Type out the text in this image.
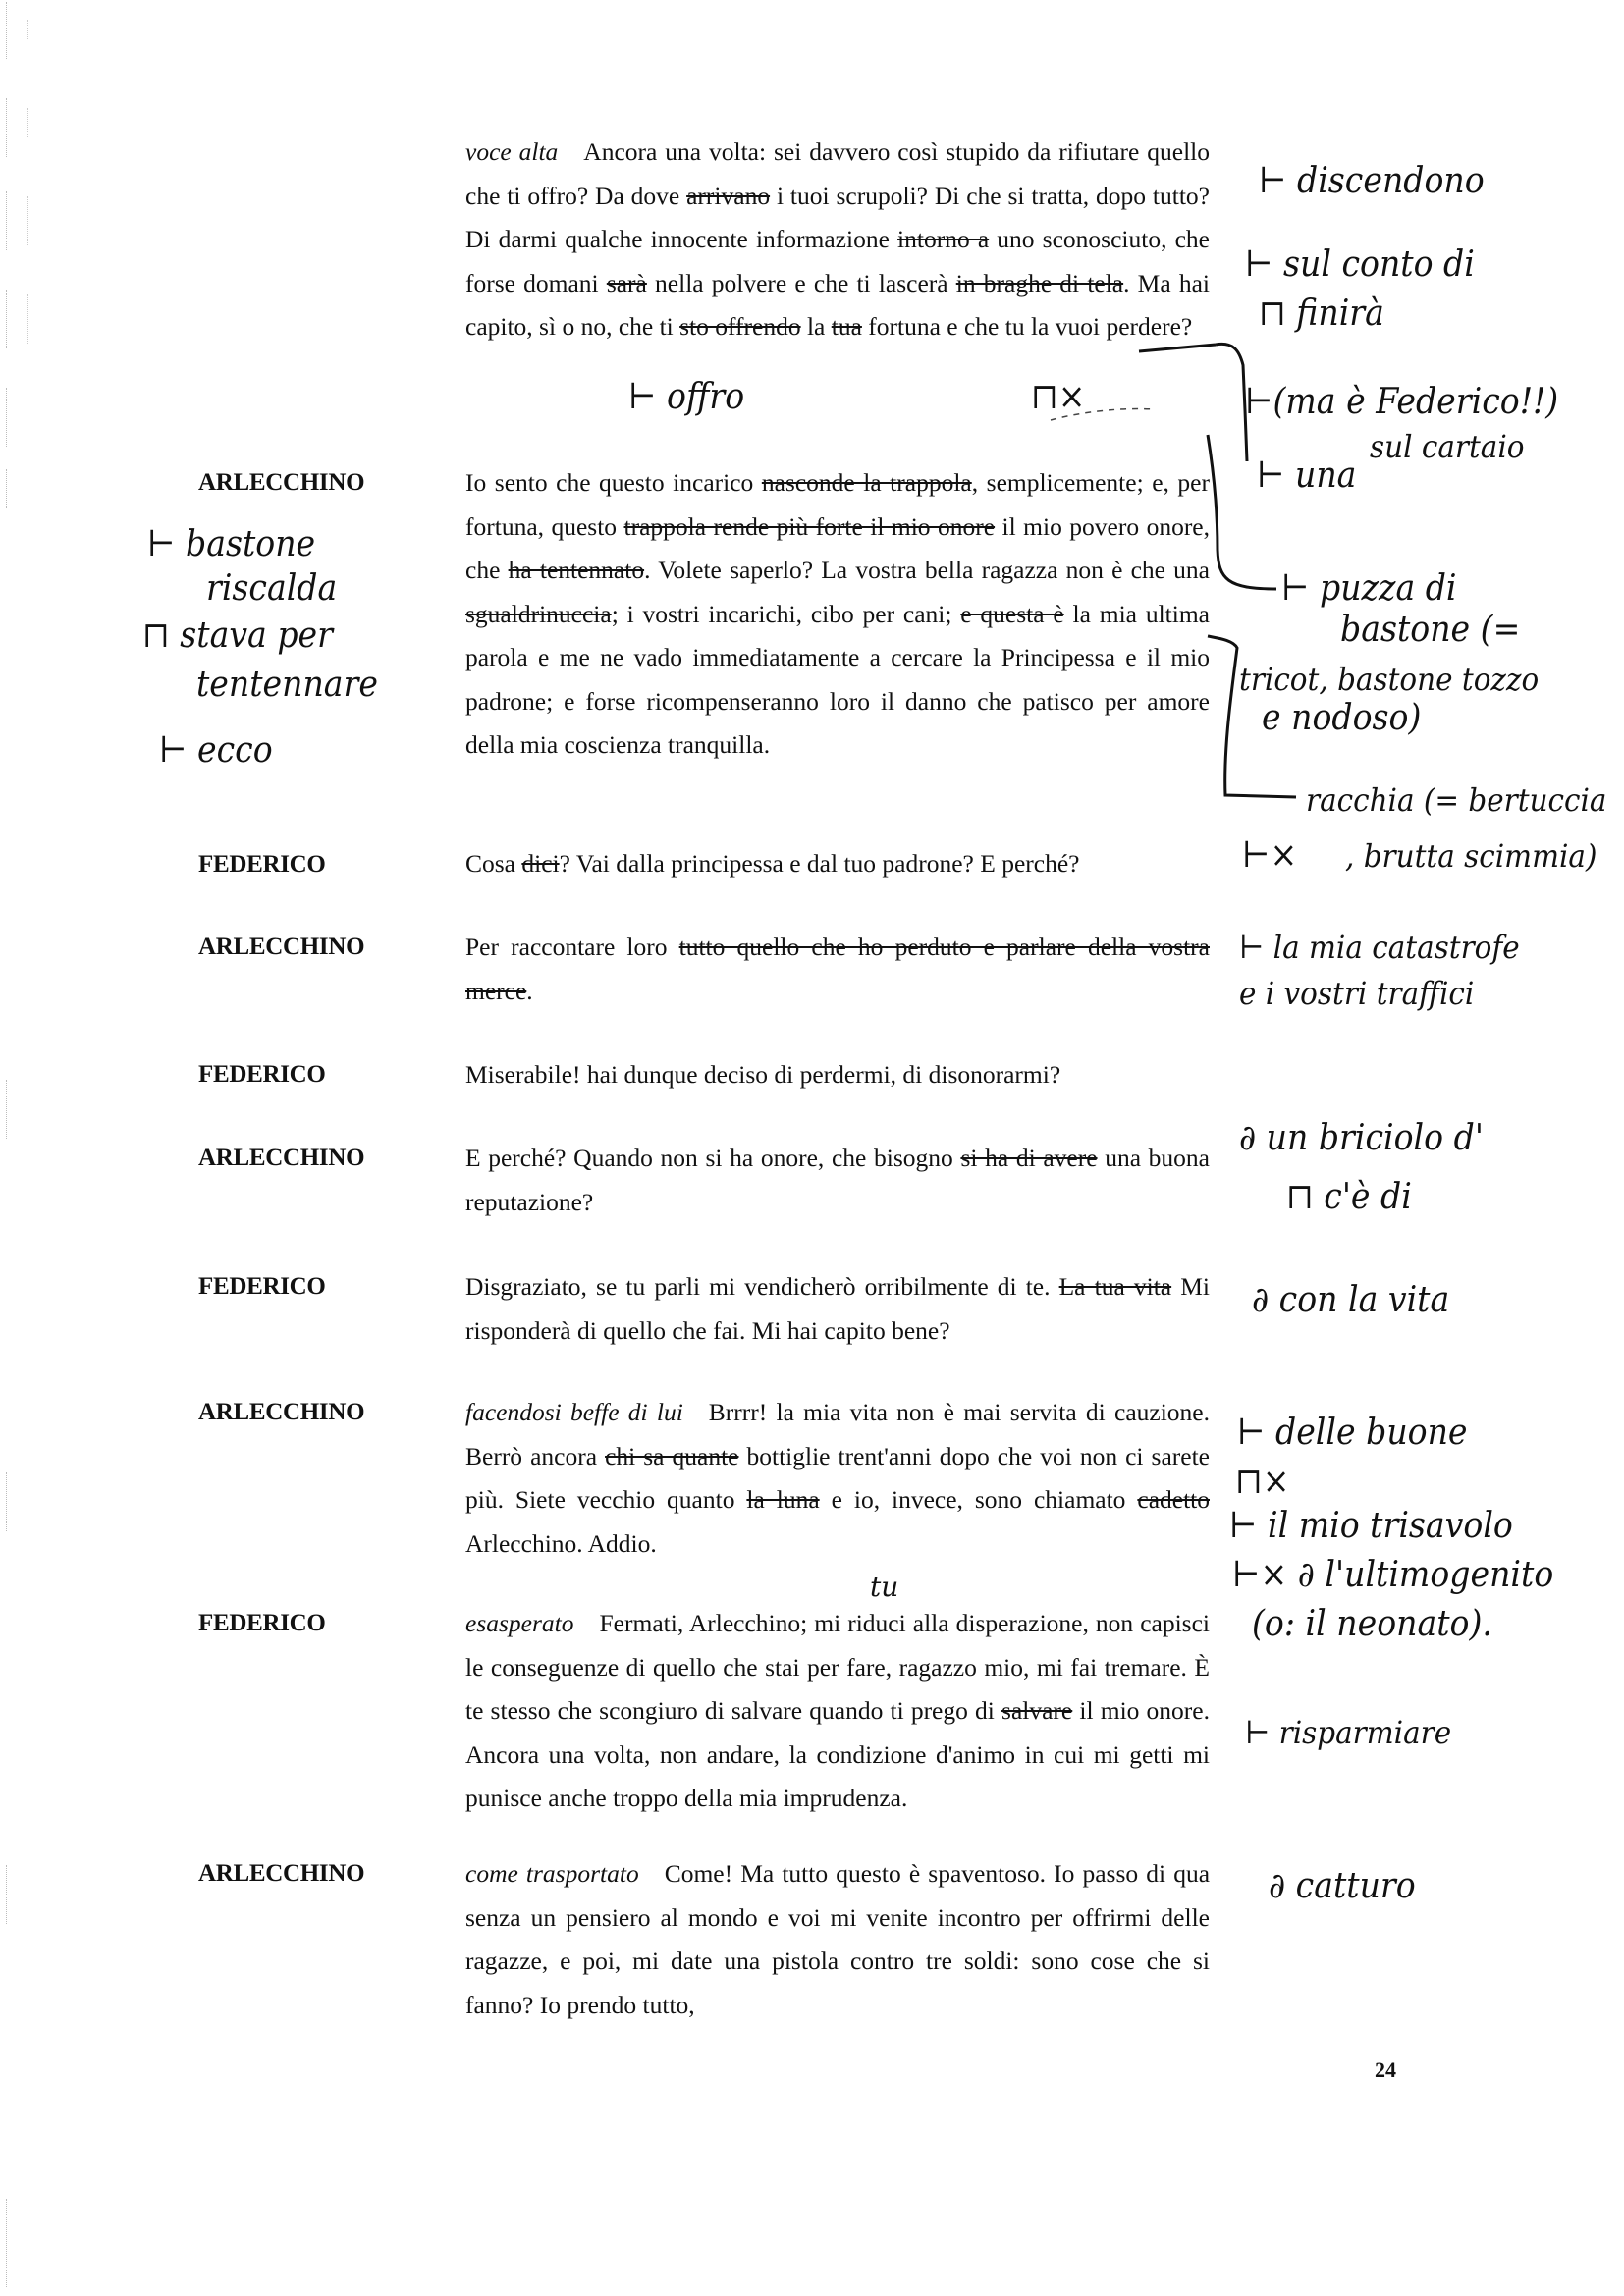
voce alta Ancora una volta: sei davvero così stupido da rifiutare quello che ti offro? Da dove arrivano i tuoi scrupoli? Di che si tratta, dopo tutto? Di darmi qualche innocente informazione intorno a uno sconosciuto, che forse domani sarà nella polvere e che ti lascerà in braghe di tela. Ma hai capito, sì o no, che ti sto offrendo la tua fortuna e che tu la vuoi perdere?
ARLECCHINO	Io sento che questo incarico nasconde la trappola, semplicemente; e, per fortuna, questo trappola rende più forte il mio onore il mio povero onore, che ha tentennato. Volete saperlo? La vostra bella ragazza non è che una sgualdrinuccia; i vostri incarichi, cibo per cani; e questa è la mia ultima parola e me ne vado immediatamente a cercare la Principessa e il mio padrone; e forse ricompenseranno loro il danno che patisco per amore della mia coscienza tranquilla.
FEDERICO	Cosa dici? Vai dalla principessa e dal tuo padrone? E perché?
ARLECCHINO	Per raccontare loro tutto quello che ho perduto e parlare della vostra merce.
FEDERICO	Miserabile! hai dunque deciso di perdermi, di disonorarmi?
ARLECCHINO	E perché? Quando non si ha onore, che bisogno si ha di avere una buona reputazione?
FEDERICO	Disgraziato, se tu parli mi vendicherò orribilmente di te. La tua vita Mi risponderà di quello che fai. Mi hai capito bene?
ARLECCHINO	facendosi beffe di lui Brrrr! la mia vita non è mai servita di cauzione. Berrò ancora chi sa quante bottiglie trent'anni dopo che voi non ci sarete più. Siete vecchio quanto la luna e io, invece, sono chiamato cadetto Arlecchino. Addio.
FEDERICO	esasperato Fermati, Arlecchino; mi riduci alla disperazione, non capisci le conseguenze di quello che stai per fare, ragazzo mio, mi fai tremare. È te stesso che scongiuro di salvare quando ti prego di salvare il mio onore. Ancora una volta, non andare, la condizione d'animo in cui mi getti mi punisce anche troppo della mia imprudenza.
ARLECCHINO	come trasportato Come! Ma tutto questo è spaventoso. Io passo di qua senza un pensiero al mondo e voi mi venite incontro per offrirmi delle ragazze, e poi, mi date una pistola contro tre soldi: sono cose che si fanno? Io prendo tutto,
⊢ discendono
⊢ sul conto di
⊓ finirà
⊢(ma è Federico!!)
sul cartaio
⊢ una
⊢ puzza di
bastone (=
tricot, bastone tozzo
e nodoso)
racchia (= bertuccia
⊢× , brutta scimmia)
⊢ la mia catastrofe
e i vostri traffici
∂ un briciolo d'
⊓ c'è di
∂ con la vita
⊢ delle buone
⊓×
⊢ il mio trisavolo
⊢× ∂ l'ultimogenito
(o: il neonato).
⊢ risparmiare
∂ catturo
⊢ bastone
riscalda
⊓ stava per
tentennare
⊢ ecco
⊢ offro	⊓×
tu
24
